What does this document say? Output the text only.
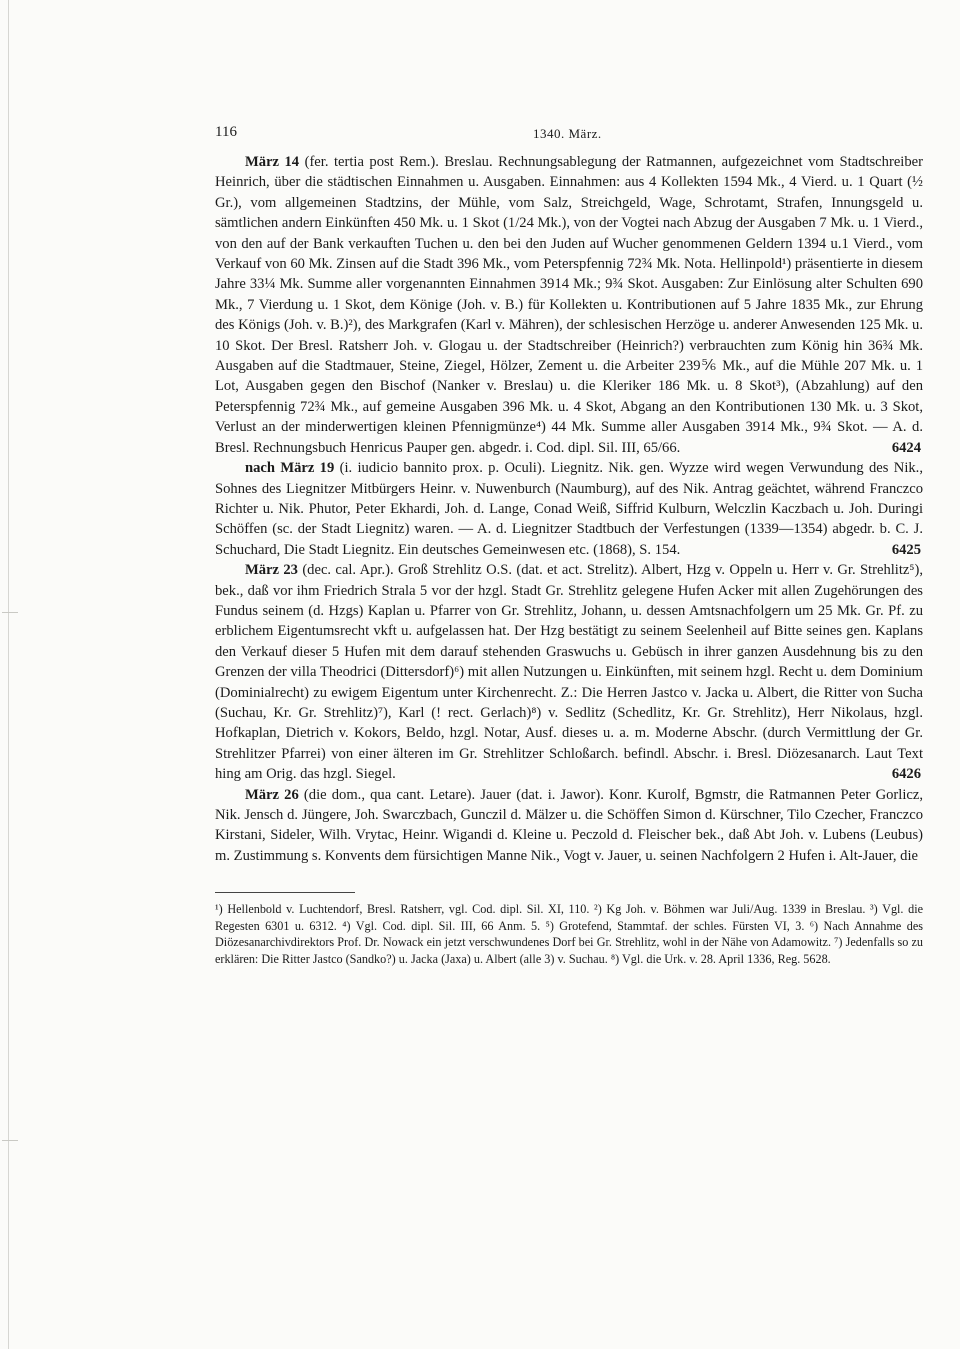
116	1340. März.

März 14 (fer. tertia post Rem.). Breslau. Rechnungsablegung der Ratmannen, aufgezeichnet vom Stadtschreiber Heinrich, über die städtischen Einnahmen u. Ausgaben. Einnahmen: aus 4 Kollekten 1594 Mk., 4 Vierd. u. 1 Quart (½ Gr.), vom allgemeinen Stadtzins, der Mühle, vom Salz, Streichgeld, Wage, Schrotamt, Strafen, Innungsgeld u. sämtlichen andern Einkünften 450 Mk. u. 1 Skot (1/24 Mk.), von der Vogtei nach Abzug der Ausgaben 7 Mk. u. 1 Vierd., von den auf der Bank verkauften Tuchen u. den bei den Juden auf Wucher genommenen Geldern 1394 u.1 Vierd., vom Verkauf von 60 Mk. Zinsen auf die Stadt 396 Mk., vom Peterspfennig 72¾ Mk. Nota. Hellinpold¹) präsentierte in diesem Jahre 33¼ Mk. Summe aller vorgenannten Einnahmen 3914 Mk.; 9¾ Skot. Ausgaben: Zur Einlösung alter Schulten 690 Mk., 7 Vierdung u. 1 Skot, dem Könige (Joh. v. B.) für Kollekten u. Kontributionen auf 5 Jahre 1835 Mk., zur Ehrung des Königs (Joh. v. B.)²), des Markgrafen (Karl v. Mähren), der schlesischen Herzöge u. anderer Anwesenden 125 Mk. u. 10 Skot. Der Bresl. Ratsherr Joh. v. Glogau u. der Stadtschreiber (Heinrich?) verbrauchten zum König hin 36¾ Mk. Ausgaben auf die Stadtmauer, Steine, Ziegel, Hölzer, Zement u. die Arbeiter 239⅚ Mk., auf die Mühle 207 Mk. u. 1 Lot, Ausgaben gegen den Bischof (Nanker v. Breslau) u. die Kleriker 186 Mk. u. 8 Skot³), (Abzahlung) auf den Peterspfennig 72¾ Mk., auf gemeine Ausgaben 396 Mk. u. 4 Skot, Abgang an den Kontributionen 130 Mk. u. 3 Skot, Verlust an der minderwertigen kleinen Pfennigmünze⁴) 44 Mk. Summe aller Ausgaben 3914 Mk., 9¾ Skot. — A. d. Bresl. Rechnungsbuch Henricus Pauper gen. abgedr. i. Cod. dipl. Sil. III, 65/66.	6424

nach März 19 (i. iudicio bannito prox. p. Oculi). Liegnitz. Nik. gen. Wyzze wird wegen Verwundung des Nik., Sohnes des Liegnitzer Mitbürgers Heinr. v. Nuwenburch (Naumburg), auf des Nik. Antrag geächtet, während Franczco Richter u. Nik. Phutor, Peter Ekhardi, Joh. d. Lange, Conad Weiß, Siffrid Kulburn, Welczlin Kaczbach u. Joh. Duringi Schöffen (sc. der Stadt Liegnitz) waren. — A. d. Liegnitzer Stadtbuch der Verfestungen (1339—1354) abgedr. b. C. J. Schuchard, Die Stadt Liegnitz. Ein deutsches Gemeinwesen etc. (1868), S. 154.	6425

März 23 (dec. cal. Apr.). Groß Strehlitz O.S. (dat. et act. Strelitz). Albert, Hzg v. Oppeln u. Herr v. Gr. Strehlitz⁵), bek., daß vor ihm Friedrich Strala 5 vor der hzgl. Stadt Gr. Strehlitz gelegene Hufen Acker mit allen Zugehörungen des Fundus seinem (d. Hzgs) Kaplan u. Pfarrer von Gr. Strehlitz, Johann, u. dessen Amtsnachfolgern um 25 Mk. Gr. Pf. zu erblichem Eigentumsrecht vkft u. aufgelassen hat. Der Hzg bestätigt zu seinem Seelenheil auf Bitte seines gen. Kaplans den Verkauf dieser 5 Hufen mit dem darauf stehenden Graswuchs u. Gebüsch in ihrer ganzen Ausdehnung bis zu den Grenzen der villa Theodrici (Dittersdorf)⁶) mit allen Nutzungen u. Einkünften, mit seinem hzgl. Recht u. dem Dominium (Dominialrecht) zu ewigem Eigentum unter Kirchenrecht. Z.: Die Herren Jastco v. Jacka u. Albert, die Ritter von Sucha (Suchau, Kr. Gr. Strehlitz)⁷), Karl (! rect. Gerlach)⁸) v. Sedlitz (Schedlitz, Kr. Gr. Strehlitz), Herr Nikolaus, hzgl. Hofkaplan, Dietrich v. Kokors, Beldo, hzgl. Notar, Ausf. dieses u. a. m. Moderne Abschr. (durch Vermittlung der Gr. Strehlitzer Pfarrei) von einer älteren im Gr. Strehlitzer Schloßarch. befindl. Abschr. i. Bresl. Diözesanarch. Laut Text hing am Orig. das hzgl. Siegel.	6426

März 26 (die dom., qua cant. Letare). Jauer (dat. i. Jawor). Konr. Kurolf, Bgmstr, die Ratmannen Peter Gorlicz, Nik. Jensch d. Jüngere, Joh. Swarczbach, Gunczil d. Mälzer u. die Schöffen Simon d. Kürschner, Tilo Czecher, Franczco Kirstani, Sideler, Wilh. Vrytac, Heinr. Wigandi d. Kleine u. Peczold d. Fleischer bek., daß Abt Joh. v. Lubens (Leubus) m. Zustimmung s. Konvents dem fürsichtigen Manne Nik., Vogt v. Jauer, u. seinen Nachfolgern 2 Hufen i. Alt-Jauer, die

¹) Hellenbold v. Luchtendorf, Bresl. Ratsherr, vgl. Cod. dipl. Sil. XI, 110. ²) Kg Joh. v. Böhmen war Juli/Aug. 1339 in Breslau. ³) Vgl. die Regesten 6301 u. 6312. ⁴) Vgl. Cod. dipl. Sil. III, 66 Anm. 5. ⁵) Grotefend, Stammtaf. der schles. Fürsten VI, 3. ⁶) Nach Annahme des Diözesanarchivdirektors Prof. Dr. Nowack ein jetzt verschwundenes Dorf bei Gr. Strehlitz, wohl in der Nähe von Adamowitz. ⁷) Jedenfalls so zu erklären: Die Ritter Jastco (Sandko?) u. Jacka (Jaxa) u. Albert (alle 3) v. Suchau. ⁸) Vgl. die Urk. v. 28. April 1336, Reg. 5628.
